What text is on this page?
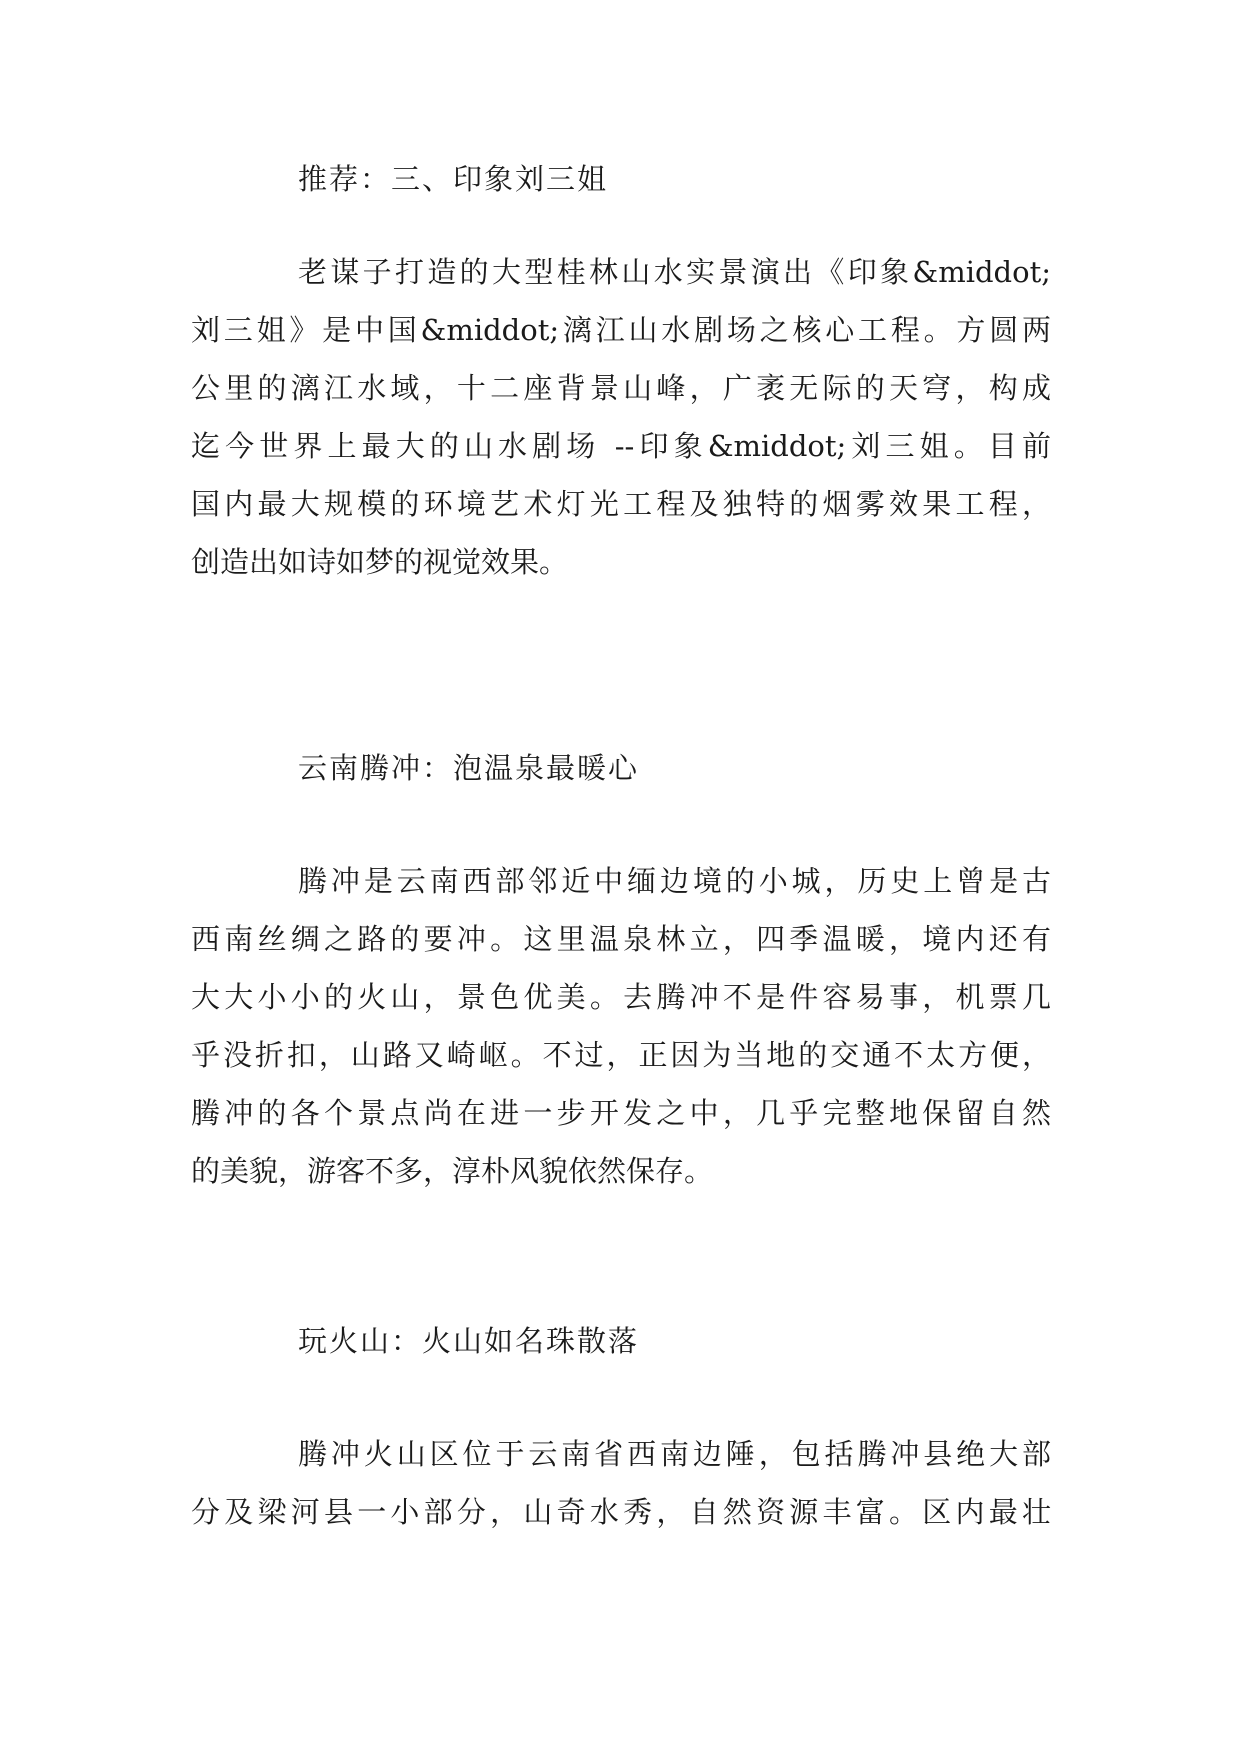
推荐：三、印象刘三姐
老谋子打造的大型桂林山水实景演出《印象&middot;
刘三姐》是中国&middot;漓江山水剧场之核心工程。方圆两
公里的漓江水域，十二座背景山峰，广袤无际的天穹，构成
迄今世界上最大的山水剧场 --印象&middot;刘三姐。目前
国内最大规模的环境艺术灯光工程及独特的烟雾效果工程，
创造出如诗如梦的视觉效果。
云南腾冲：泡温泉最暖心
腾冲是云南西部邻近中缅边境的小城，历史上曾是古
西南丝绸之路的要冲。这里温泉林立，四季温暖，境内还有
大大小小的火山，景色优美。去腾冲不是件容易事，机票几
乎没折扣，山路又崎岖。不过，正因为当地的交通不太方便，
腾冲的各个景点尚在进一步开发之中，几乎完整地保留自然
的美貌，游客不多，淳朴风貌依然保存。
玩火山：火山如名珠散落
腾冲火山区位于云南省西南边陲，包括腾冲县绝大部
分及梁河县一小部分，山奇水秀，自然资源丰富。区内最壮
